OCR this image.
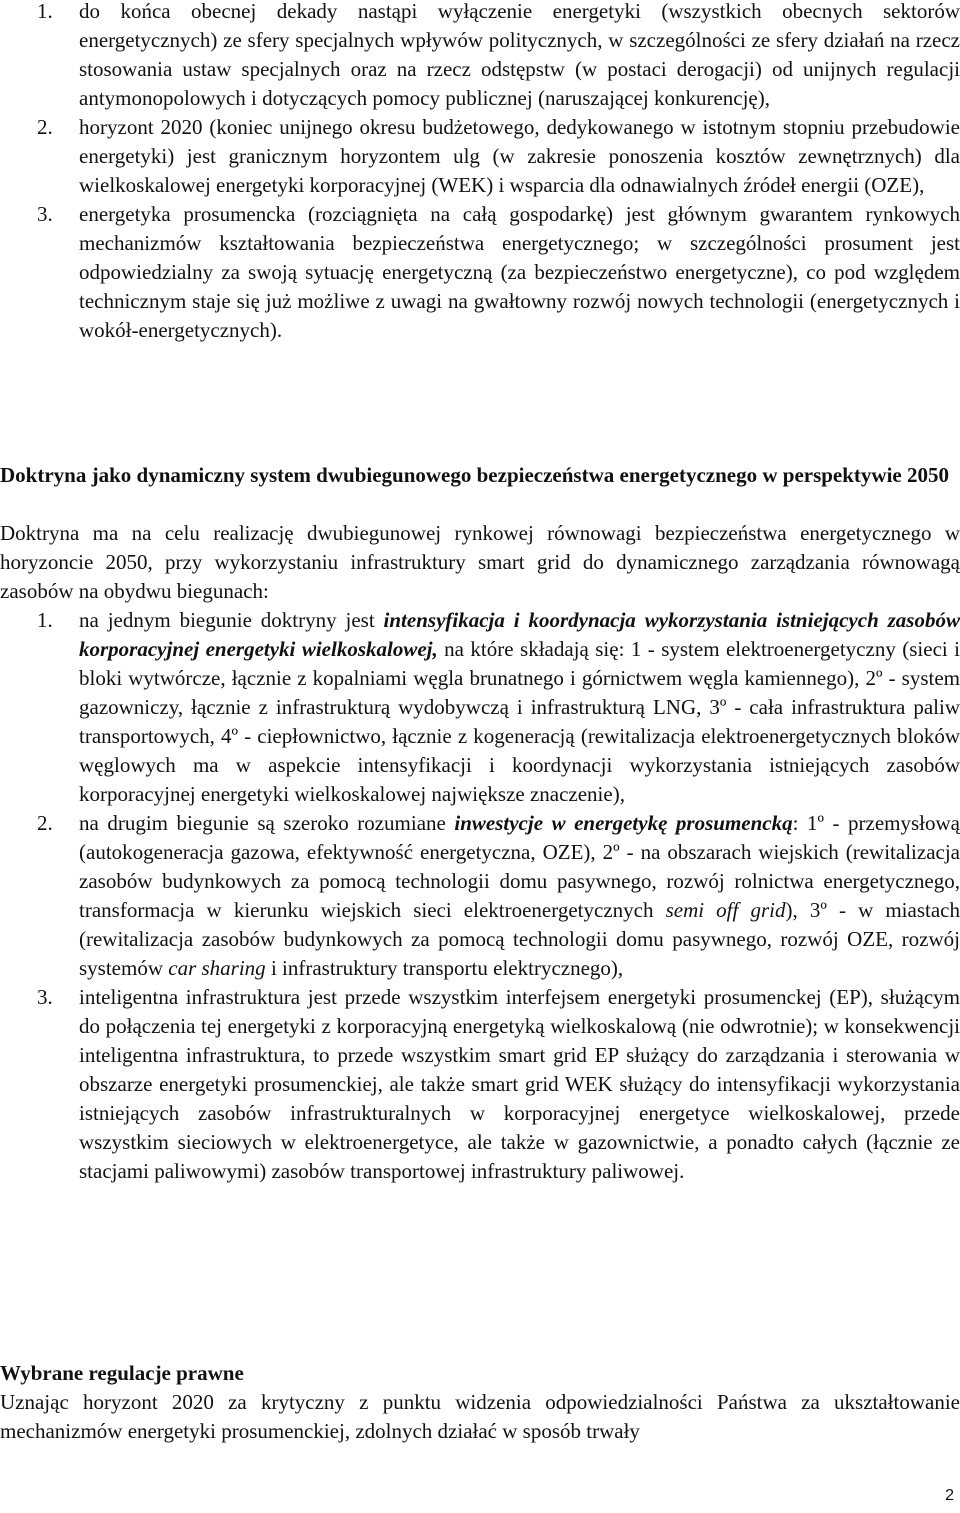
1. do końca obecnej dekady nastąpi wyłączenie energetyki (wszystkich obecnych sektorów energetycznych) ze sfery specjalnych wpływów politycznych, w szczególności ze sfery działań na rzecz stosowania ustaw specjalnych oraz na rzecz odstępstw (w postaci derogacji) od unijnych regulacji antymonopolowych i dotyczących pomocy publicznej (naruszającej konkurencję),
2. horyzont 2020 (koniec unijnego okresu budżetowego, dedykowanego w istotnym stopniu przebudowie energetyki) jest granicznym horyzontem ulg (w zakresie ponoszenia kosztów zewnętrznych) dla wielkoskalowej energetyki korporacyjnej (WEK) i wsparcia dla odnawialnych źródeł energii (OZE),
3. energetyka prosumencka (rozciągnięta na całą gospodarkę) jest głównym gwarantem rynkowych mechanizmów kształtowania bezpieczeństwa energetycznego; w szczególności prosument jest odpowiedzialny za swoją sytuację energetyczną (za bezpieczeństwo energetyczne), co pod względem technicznym staje się już możliwe z uwagi na gwałtowny rozwój nowych technologii (energetycznych i wokół-energetycznych).
Doktryna jako dynamiczny system dwubiegunowego bezpieczeństwa energetycznego w perspektywie 2050
Doktryna ma na celu realizację dwubiegunowej rynkowej równowagi bezpieczeństwa energetycznego w horyzoncie 2050, przy wykorzystaniu infrastruktury smart grid do dynamicznego zarządzania równowagą zasobów na obydwu biegunach:
1. na jednym biegunie doktryny jest intensyfikacja i koordynacja wykorzystania istniejących zasobów korporacyjnej energetyki wielkoskalowej, na które składają się: 1 - system elektroenergetyczny (sieci i bloki wytwórcze, łącznie z kopalniami węgla brunatnego i górnictwem węgla kamiennego), 2º - system gazowniczy, łącznie z infrastrukturą wydobywczą i infrastrukturą LNG, 3º - cała infrastruktura paliw transportowych, 4º - ciepłownictwo, łącznie z kogeneracją (rewitalizacja elektroenergetycznych bloków węglowych ma w aspekcie intensyfikacji i koordynacji wykorzystania istniejących zasobów korporacyjnej energetyki wielkoskalowej największe znaczenie),
2. na drugim biegunie są szeroko rozumiane inwestycje w energetykę prosumencką: 1º - przemysłową (autokogeneracja gazowa, efektywność energetyczna, OZE), 2º - na obszarach wiejskich (rewitalizacja zasobów budynkowych za pomocą technologii domu pasywnego, rozwój rolnictwa energetycznego, transformacja w kierunku wiejskich sieci elektroenergetycznych semi off grid), 3º - w miastach (rewitalizacja zasobów budynkowych za pomocą technologii domu pasywnego, rozwój OZE, rozwój systemów car sharing i infrastruktury transportu elektrycznego),
3. inteligentna infrastruktura jest przede wszystkim interfejsem energetyki prosumenckej (EP), służącym do połączenia tej energetyki z korporacyjną energetyką wielkoskalową (nie odwrotnie); w konsekwencji inteligentna infrastruktura, to przede wszystkim smart grid EP służący do zarządzania i sterowania w obszarze energetyki prosumenckiej, ale także smart grid WEK służący do intensyfikacji wykorzystania istniejących zasobów infrastrukturalnych w korporacyjnej energetyce wielkoskalowej, przede wszystkim sieciowych w elektroenergetyce, ale także w gazownictwie, a ponadto całych (łącznie ze stacjami paliwowymi) zasobów transportowej infrastruktury paliwowej.
Wybrane regulacje prawne
Uznając horyzont 2020 za krytyczny z punktu widzenia odpowiedzialności Państwa za ukształtowanie mechanizmów energetyki prosumenckiej, zdolnych działać w sposób trwały
2
